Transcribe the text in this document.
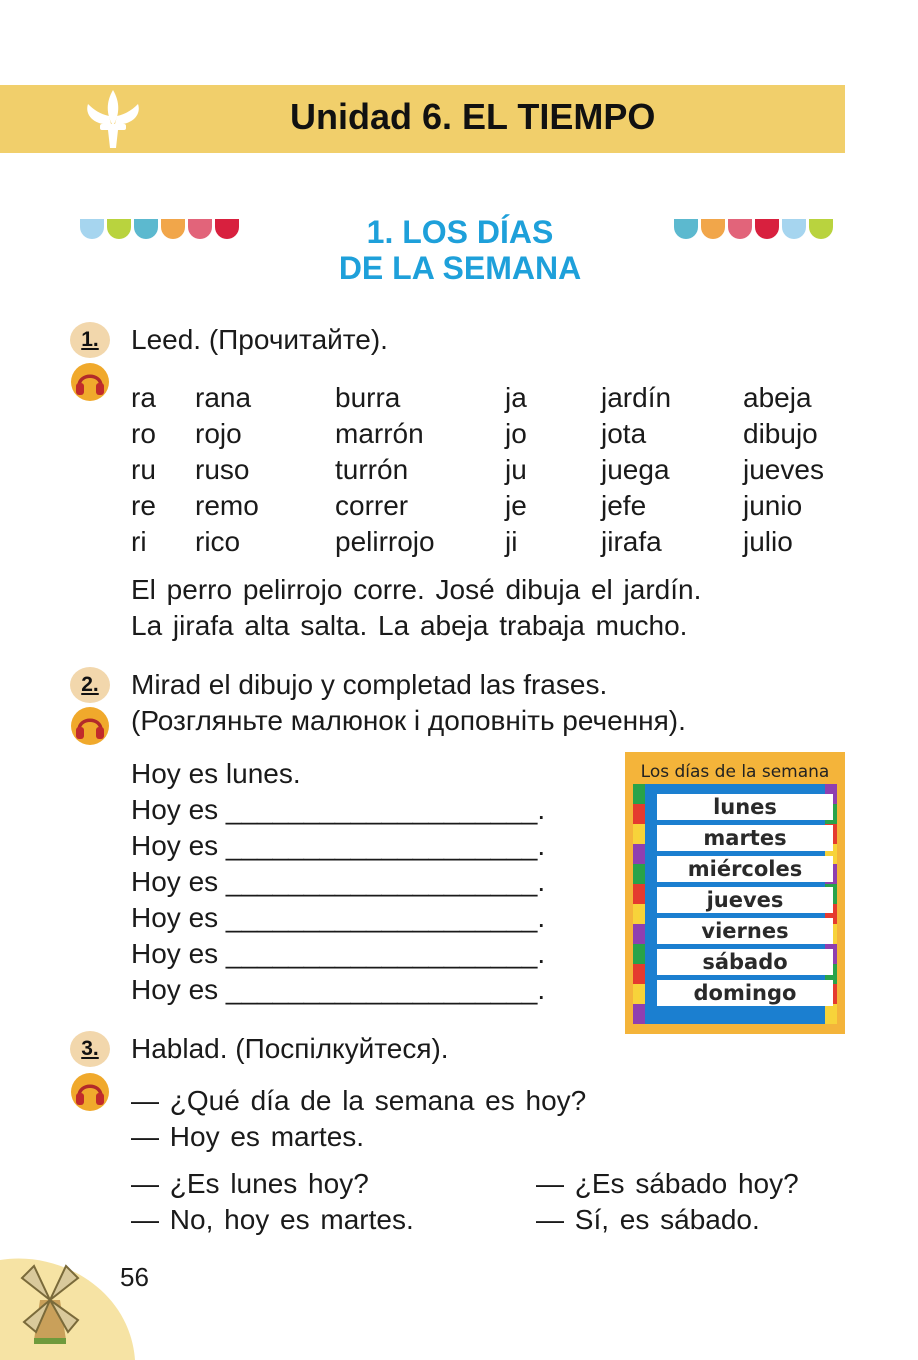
Unidad 6. EL TIEMPO
1. LOS DÍAS
DE LA SEMANA
1.	Leed. (Прочитайте).
ra rana	burra	ja	jardín	abeja
ro rojo	marrón	jo	jota	dibujo
ru ruso	turrón	ju	juega	jueves
re remo	correr	je	jefe	junio
ri rico	pelirrojo	ji	jirafa	julio
El perro pelirrojo corre. José dibuja el jardín.
La jirafa alta salta. La abeja trabaja mucho.
2.	Mirad el dibujo y completad las frases.
(Розгляньте малюнок і доповніть речення).
Hoy es lunes.
Hoy es ____________________.
Hoy es ____________________.
Hoy es ____________________.
Hoy es ____________________.
Hoy es ____________________.
Hoy es ____________________.
Los días de la semana
lunes
martes
miércoles
jueves
viernes
sábado
domingo
3.	Hablad. (Поспілкуйтеся).
— ¿Qué día de la semana es hoy?
— Hoy es martes.
— ¿Es lunes hoy?
— No, hoy es martes.
— ¿Es sábado hoy?
— Sí, es sábado.
56
